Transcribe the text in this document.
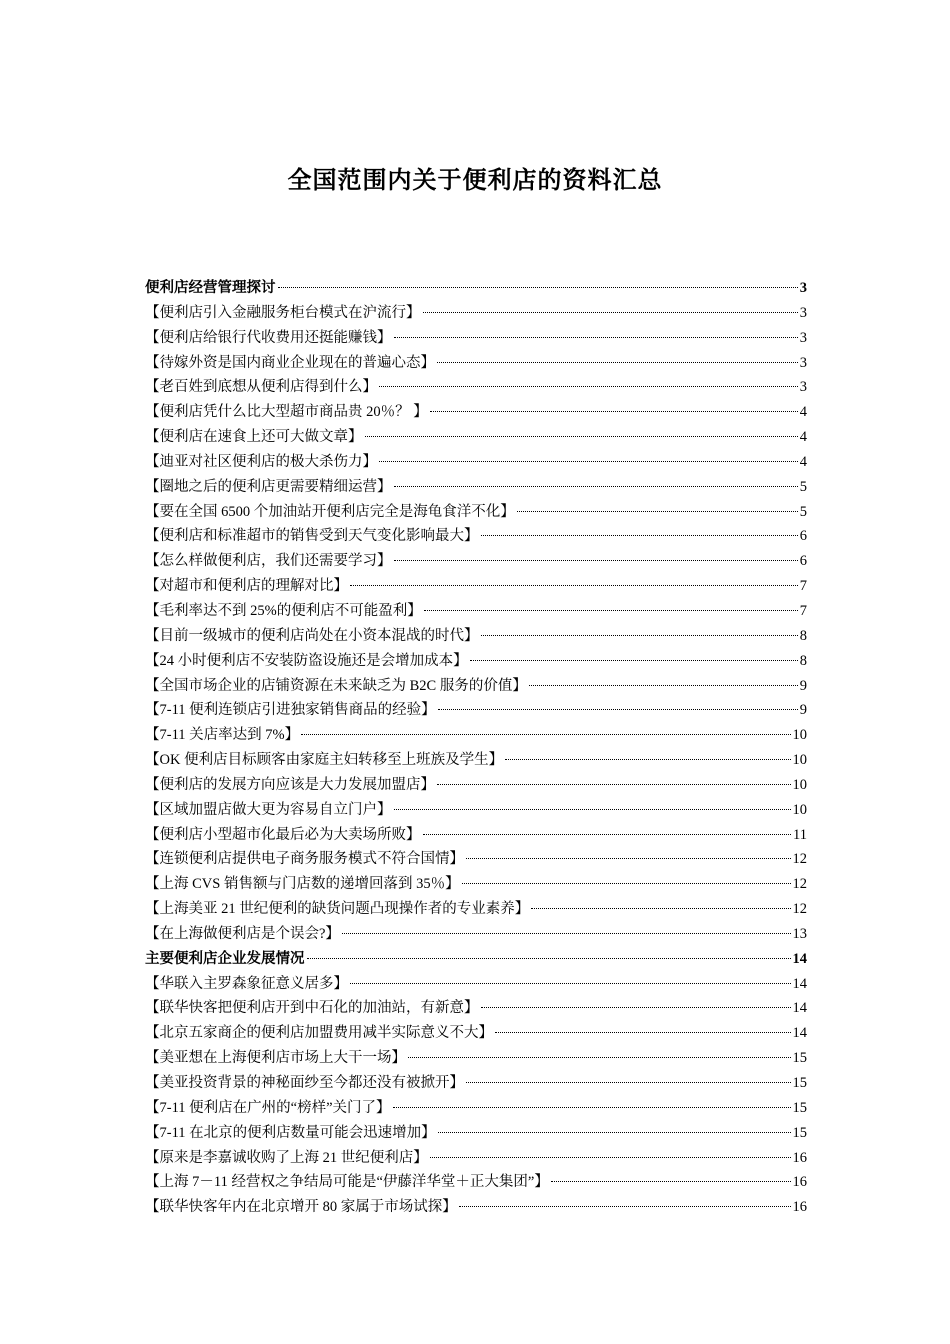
全国范围内关于便利店的资料汇总
便利店经营管理探讨	3
【便利店引入金融服务柜台模式在沪流行】	3
【便利店给银行代收费用还挺能赚钱】	3
【待嫁外资是国内商业企业现在的普遍心态】	3
【老百姓到底想从便利店得到什么】	3
【便利店凭什么比大型超市商品贵 20％？ 】	4
【便利店在速食上还可大做文章】	4
【迪亚对社区便利店的极大杀伤力】	4
【圈地之后的便利店更需要精细运营】	5
【要在全国 6500 个加油站开便利店完全是海龟食洋不化】	5
【便利店和标准超市的销售受到天气变化影响最大】	6
【怎么样做便利店，我们还需要学习】	6
【对超市和便利店的理解对比】	7
【毛利率达不到 25%的便利店不可能盈利】	7
【目前一级城市的便利店尚处在小资本混战的时代】	8
【24 小时便利店不安装防盗设施还是会增加成本】	8
【全国市场企业的店铺资源在未来缺乏为 B2C 服务的价值】	9
【7-11 便利连锁店引进独家销售商品的经验】	9
【7-11 关店率达到 7%】	10
【OK 便利店目标顾客由家庭主妇转移至上班族及学生】	10
【便利店的发展方向应该是大力发展加盟店】	10
【区域加盟店做大更为容易自立门户】	10
【便利店小型超市化最后必为大卖场所败】	11
【连锁便利店提供电子商务服务模式不符合国情】	12
【上海 CVS 销售额与门店数的递增回落到 35％】	12
【上海美亚 21 世纪便利的缺货问题凸现操作者的专业素养】	12
【在上海做便利店是个误会?】	13
主要便利店企业发展情况	14
【华联入主罗森象征意义居多】	14
【联华快客把便利店开到中石化的加油站，有新意】	14
【北京五家商企的便利店加盟费用减半实际意义不大】	14
【美亚想在上海便利店市场上大干一场】	15
【美亚投资背景的神秘面纱至今都还没有被掀开】	15
【7-11 便利店在广州的“榜样”关门了】	15
【7-11 在北京的便利店数量可能会迅速增加】	15
【原来是李嘉诚收购了上海 21 世纪便利店】	16
【上海 7－11 经营权之争结局可能是“伊藤洋华堂＋正大集团”】	16
【联华快客年内在北京增开 80 家属于市场试探】	16
